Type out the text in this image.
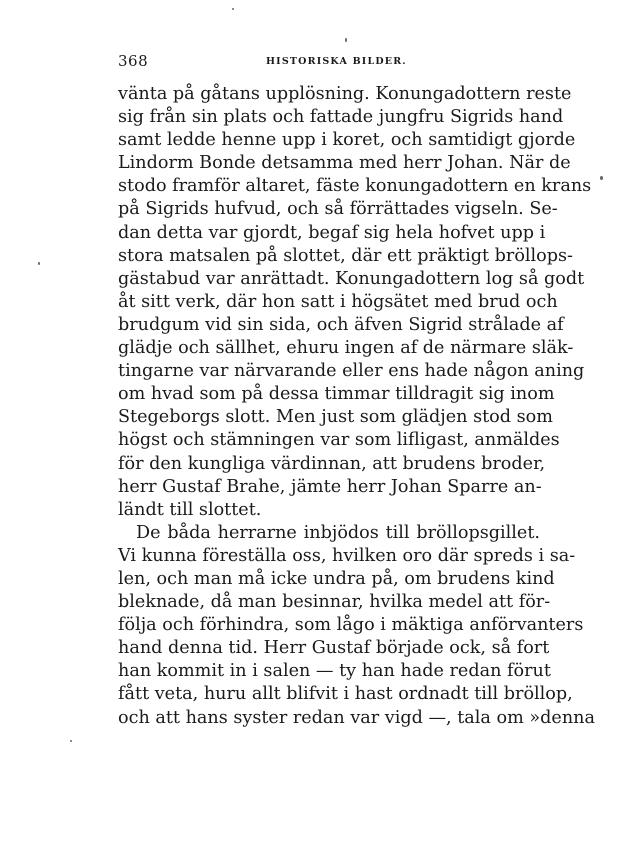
368	HISTORISKA BILDER.
vänta på gåtans upplösning. Konungadottern reste
sig från sin plats och fattade jungfru Sigrids hand
samt ledde henne upp i koret, och samtidigt gjorde
Lindorm Bonde detsamma med herr Johan. När de
stodo framför altaret, fäste konungadottern en krans
på Sigrids hufvud, och så förrättades vigseln. Se-
dan detta var gjordt, begaf sig hela hofvet upp i
stora matsalen på slottet, där ett präktigt bröllops-
gästabud var anrättadt. Konungadottern log så godt
åt sitt verk, där hon satt i högsätet med brud och
brudgum vid sin sida, och äfven Sigrid strålade af
glädje och sällhet, ehuru ingen af de närmare släk-
tingarne var närvarande eller ens hade någon aning
om hvad som på dessa timmar tilldragit sig inom
Stegeborgs slott. Men just som glädjen stod som
högst och stämningen var som lifligast, anmäldes
för den kungliga värdinnan, att brudens broder,
herr Gustaf Brahe, jämte herr Johan Sparre an-
ländt till slottet.
De båda herrarne inbjödos till bröllopsgillet.
Vi kunna föreställa oss, hvilken oro där spreds i sa-
len, och man må icke undra på, om brudens kind
bleknade, då man besinnar, hvilka medel att för-
följa och förhindra, som lågo i mäktiga anförvanters
hand denna tid. Herr Gustaf började ock, så fort
han kommit in i salen — ty han hade redan förut
fått veta, huru allt blifvit i hast ordnadt till bröllop,
och att hans syster redan var vigd —, tala om »denna
